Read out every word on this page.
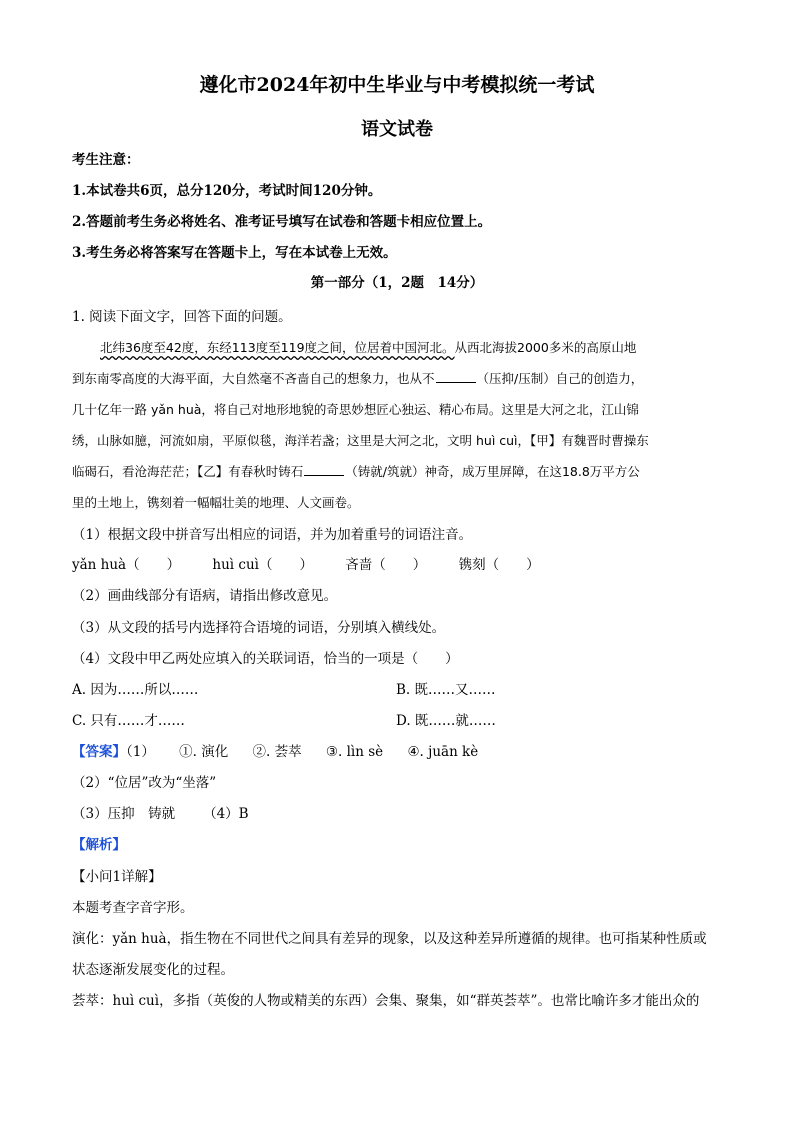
遵化市2024年初中生毕业与中考模拟统一考试
语文试卷
考生注意：
1.本试卷共6页，总分120分，考试时间120分钟。
2.答题前考生务必将姓名、准考证号填写在试卷和答题卡相应位置上。
3.考生务必将答案写在答题卡上，写在本试卷上无效。
第一部分（1，2题　14分）
1. 阅读下面文字，回答下面的问题。
北纬36度至42度，东经113度至119度之间，位居着中国河北。从西北海拔2000多米的高原山地
到东南零高度的大海平面，大自然毫不吝啬自己的想象力，也从不	（压抑/压制）自己的创造力，
几十亿年一路 yǎn huà，将自己对地形地貌的奇思妙想匠心独运、精心布局。这里是大河之北，江山锦
绣，山脉如臆，河流如扇，平原似毯，海洋若盏；这里是大河之北，文明 huì cuì，【甲】有魏晋时曹操东
临碣石，看沧海茫茫；【乙】有春秋时铸石	（铸就/筑就）神奇，成万里屏障，在这18.8万平方公
里的土地上，镌刻着一幅幅壮美的地理、人文画卷。
（1）根据文段中拼音写出相应的词语，并为加着重号的词语注音。
yǎn huà（　　） huì cuì（　　） 吝啬（　　） 镌刻（　　）
（2）画曲线部分有语病，请指出修改意见。
（3）从文段的括号内选择符合语境的词语，分别填入横线处。
（4）文段中甲乙两处应填入的关联词语，恰当的一项是（　　）
A. 因为……所以……	B. 既……又……
C. 只有……才……	D. 既……就……
【答案】（1） ①. 演化 ②. 荟萃 ③. lìn sè ④. juān kè
（2）“位居”改为“坐落”
（3）压抑　铸就 （4）B
【解析】
【小问1详解】
本题考查字音字形。
演化：yǎn huà，指生物在不同世代之间具有差异的现象，以及这种差异所遵循的规律。也可指某种性质或
状态逐渐发展变化的过程。
荟萃：huì cuì，多指（英俊的人物或精美的东西）会集、聚集，如“群英荟萃”。也常比喻许多才能出众的
